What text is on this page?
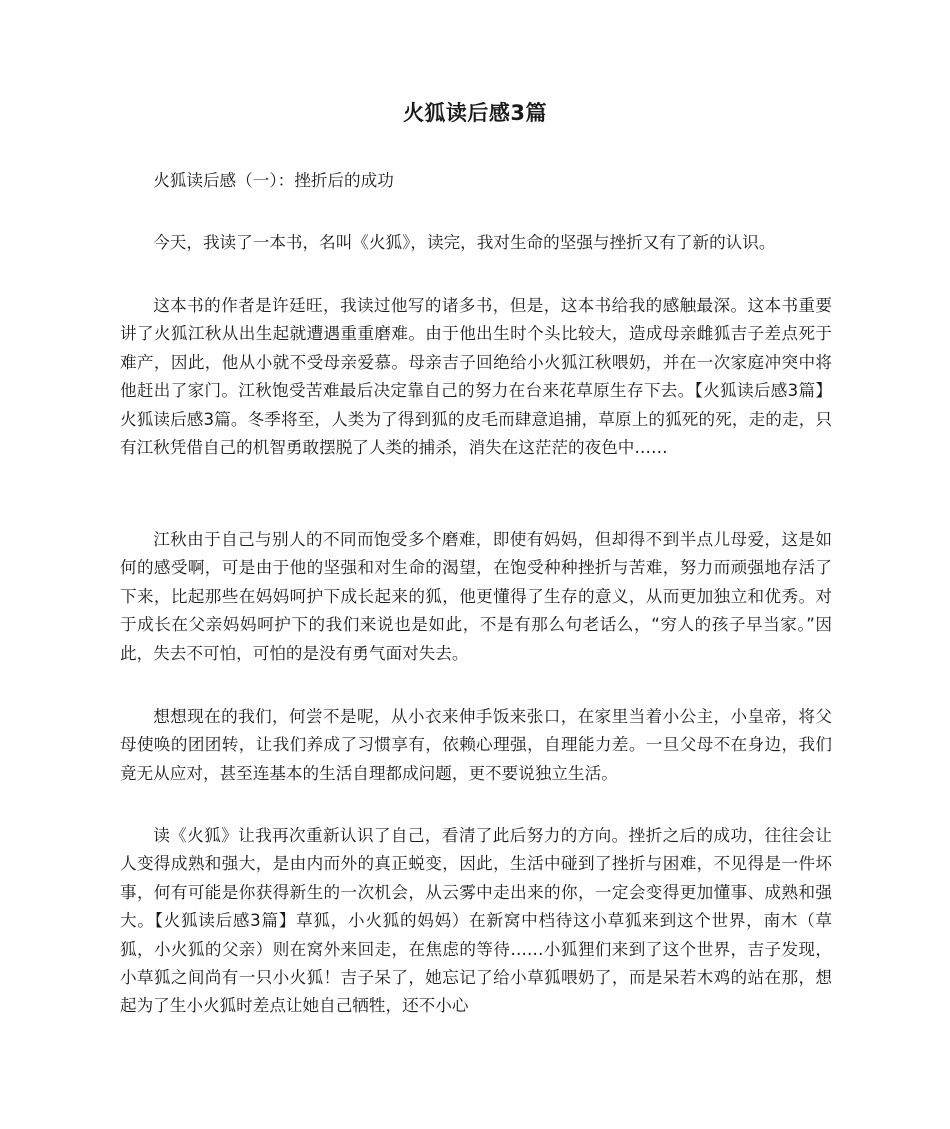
火狐读后感3篇

火狐读后感（一）：挫折后的成功

今天，我读了一本书，名叫《火狐》，读完，我对生命的坚强与挫折又有了新的认识。

这本书的作者是许廷旺，我读过他写的诸多书，但是，这本书给我的感触最深。这本书重要讲了火狐江秋从出生起就遭遇重重磨难。由于他出生时个头比较大，造成母亲雌狐吉子差点死于难产，因此，他从小就不受母亲爱慕。母亲吉子回绝给小火狐江秋喂奶，并在一次家庭冲突中将他赶出了家门。江秋饱受苦难最后决定靠自己的努力在台来花草原生存下去。【火狐读后感3篇】火狐读后感3篇。冬季将至，人类为了得到狐的皮毛而肆意追捕，草原上的狐死的死，走的走，只有江秋凭借自己的机智勇敢摆脱了人类的捕杀，消失在这茫茫的夜色中……

江秋由于自己与别人的不同而饱受多个磨难，即使有妈妈，但却得不到半点儿母爱，这是如何的感受啊，可是由于他的坚强和对生命的渴望，在饱受种种挫折与苦难，努力而顽强地存活了下来，比起那些在妈妈呵护下成长起来的狐，他更懂得了生存的意义，从而更加独立和优秀。对于成长在父亲妈妈呵护下的我们来说也是如此，不是有那么句老话么，“穷人的孩子早当家。”因此，失去不可怕，可怕的是没有勇气面对失去。

想想现在的我们，何尝不是呢，从小衣来伸手饭来张口，在家里当着小公主，小皇帝，将父母使唤的团团转，让我们养成了习惯享有，依赖心理强，自理能力差。一旦父母不在身边，我们竟无从应对，甚至连基本的生活自理都成问题，更不要说独立生活。

读《火狐》让我再次重新认识了自己，看清了此后努力的方向。挫折之后的成功，往往会让人变得成熟和强大，是由内而外的真正蜕变，因此，生活中碰到了挫折与困难，不见得是一件坏事，何有可能是你获得新生的一次机会，从云雾中走出来的你，一定会变得更加懂事、成熟和强大。【火狐读后感3篇】草狐，小火狐的妈妈）在新窝中档待这小草狐来到这个世界，南木（草狐，小火狐的父亲）则在窝外来回走，在焦虑的等待……小狐狸们来到了这个世界，吉子发现，小草狐之间尚有一只小火狐！吉子呆了，她忘记了给小草狐喂奶了，而是呆若木鸡的站在那，想起为了生小火狐时差点让她自己牺牲，还不小心
